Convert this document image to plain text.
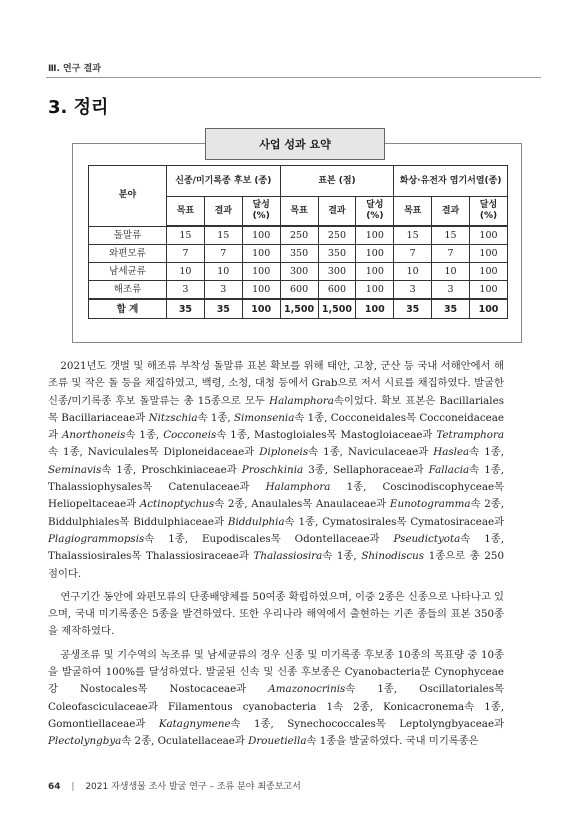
Ⅲ. 연구 결과
3. 정리
사업 성과 요약
분야	신종/미기록종 후보 (종)			표본 (점)			화상·유전자 염기서열(종)		
	목표	결과	달성 (%)	목표	결과	달성 (%)	목표	결과	달성 (%)
돌말류	15	15	100	250	250	100	15	15	100
와편모류	7	7	100	350	350	100	7	7	100
남세균류	10	10	100	300	300	100	10	10	100
해조류	3	3	100	600	600	100	3	3	100
합 계	35	35	100	1,500	1,500	100	35	35	100

2021년도 갯벌 및 해조류 부착성 돌말류 표본 확보를 위해 태안, 고창, 군산 등 국내 서해안에서 해조류 및 작은 돌 등을 채집하였고, 백령, 소청, 대청 등에서 Grab으로 저서 시료를 채집하였다. 발굴한 신종/미기록종 후보 돌말류는 총 15종으로 모두 Halamphora속이었다. 확보 표본은 Bacillariales목 Bacillariaceae과 Nitzschia속 1종, Simonsenia속 1종, Cocconeidales목 Cocconeidaceae과 Anorthoneis속 1종, Cocconeis속 1종, Mastogloiales목 Mastogloiaceae과 Tetramphora속 1종, Naviculales목 Diploneidaceae과 Diploneis속 1종, Naviculaceae과 Haslea속 1종, Seminavis속 1종, Proschkiniaceae과 Proschkinia 3종, Sellaphoraceae과 Fallacia속 1종, Thalassiophysales목 Catenulaceae과 Halamphora 1종, Coscinodiscophyceae목 Heliopeltaceae과 Actinoptychus속 2종, Anaulales목 Anaulaceae과 Eunotogramma속 2종, Biddulphiales목 Biddulphiaceae과 Biddulphia속 1종, Cymatosirales목 Cymatosiraceae과 Plagiogrammopsis속 1종, Eupodiscales목 Odontellaceae과 Pseudictyota속 1종, Thalassiosirales목 Thalassiosiraceae과 Thalassiosira속 1종, Shinodiscus 1종으로 총 250점이다.

연구기간 동안에 와편모류의 단종배양체를 50여종 확립하였으며, 이중 2종은 신종으로 나타나고 있으며, 국내 미기록종은 5종을 발견하였다. 또한 우리나라 해역에서 출현하는 기존 종들의 표본 350종을 제작하였다.

공생조류 및 기수역의 녹조류 및 남세균류의 경우 신종 및 미기록종 후보종 10종의 목표량 중 10종을 발굴하여 100%를 달성하였다. 발굴된 신속 및 신종 후보종은 Cyanobacteria문 Cynophyceae강 Nostocales목 Nostocaceae과 Amazonocrinis속 1종, Oscillatoriales목 Coleofasciculaceae과 Filamentous cyanobacteria 1속 2종, Konicacronema속 1종, Gomontiellaceae과 Katagnymene속 1종, Synechococcales목 Leptolyngbyaceae과 Plectolyngbya속 2종, Oculatellaceae과 Drouetiella속 1종을 발굴하였다. 국내 미기록종은

64 | 2021 자생생물 조사 발굴 연구 – 조류 분야 최종보고서
